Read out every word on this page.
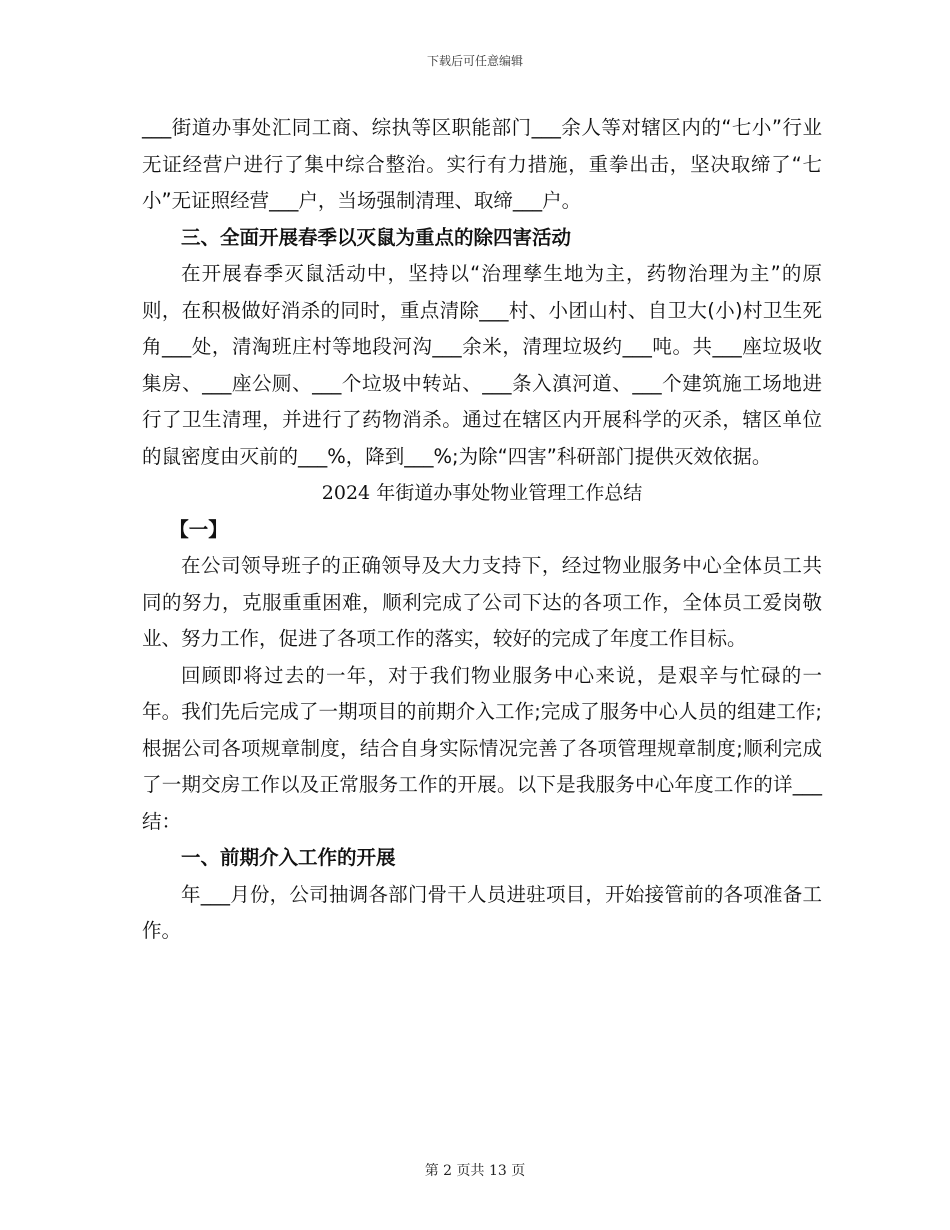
下载后可任意编辑

___街道办事处汇同工商、综执等区职能部门___余人等对辖区内的“七小”行业无证经营户进行了集中综合整治。实行有力措施，重拳出击，坚决取缔了“七小”无证照经营___户，当场强制清理、取缔___户。

三、全面开展春季以灭鼠为重点的除四害活动

在开展春季灭鼠活动中，坚持以“治理孳生地为主，药物治理为主”的原则，在积极做好消杀的同时，重点清除___村、小团山村、自卫大(小)村卫生死角___处，清淘班庄村等地段河沟___余米，清理垃圾约___吨。共___座垃圾收集房、___座公厕、___个垃圾中转站、___条入滇河道、___个建筑施工场地进行了卫生清理，并进行了药物消杀。通过在辖区内开展科学的灭杀，辖区单位的鼠密度由灭前的___%，降到___%;为除“四害”科研部门提供灭效依据。

2024 年街道办事处物业管理工作总结

【一】

在公司领导班子的正确领导及大力支持下，经过物业服务中心全体员工共同的努力，克服重重困难，顺利完成了公司下达的各项工作，全体员工爱岗敬业、努力工作，促进了各项工作的落实，较好的完成了年度工作目标。

回顾即将过去的一年，对于我们物业服务中心来说，是艰辛与忙碌的一年。我们先后完成了一期项目的前期介入工作;完成了服务中心人员的组建工作;根据公司各项规章制度，结合自身实际情况完善了各项管理规章制度;顺利完成了一期交房工作以及正常服务工作的开展。以下是我服务中心年度工作的详___结：

一、前期介入工作的开展

年___月份，公司抽调各部门骨干人员进驻项目，开始接管前的各项准备工作。

第 2 页共 13 页
